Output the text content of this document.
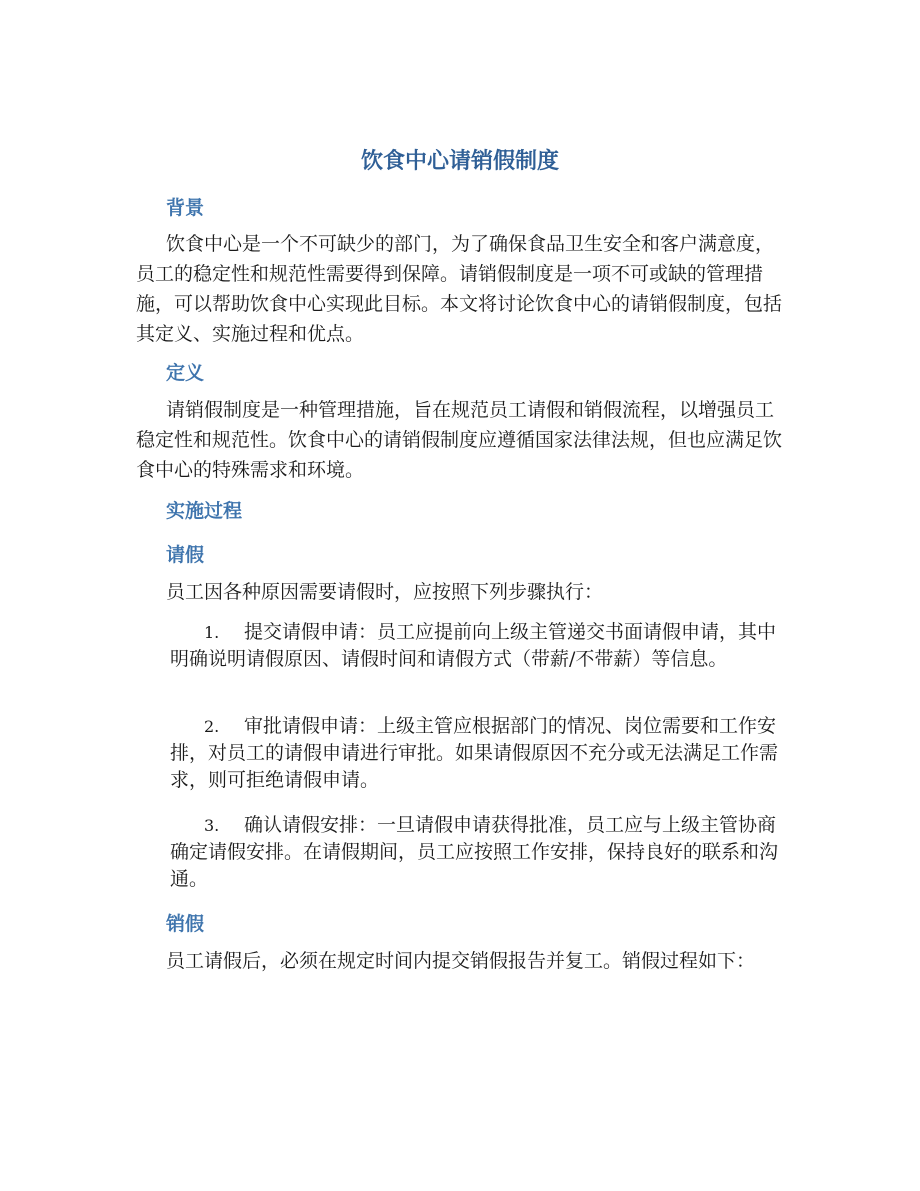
饮食中心请销假制度
背景

饮食中心是一个不可缺少的部门，为了确保食品卫生安全和客户满意度，员工的稳定性和规范性需要得到保障。请销假制度是一项不可或缺的管理措施，可以帮助饮食中心实现此目标。本文将讨论饮食中心的请销假制度，包括其定义、实施过程和优点。

定义

请销假制度是一种管理措施，旨在规范员工请假和销假流程，以增强员工稳定性和规范性。饮食中心的请销假制度应遵循国家法律法规，但也应满足饮食中心的特殊需求和环境。

实施过程
请假

员工因各种原因需要请假时，应按照下列步骤执行：

1. 提交请假申请：员工应提前向上级主管递交书面请假申请，其中明确说明请假原因、请假时间和请假方式（带薪/不带薪）等信息。

2. 审批请假申请：上级主管应根据部门的情况、岗位需要和工作安排，对员工的请假申请进行审批。如果请假原因不充分或无法满足工作需求，则可拒绝请假申请。

3. 确认请假安排：一旦请假申请获得批准，员工应与上级主管协商确定请假安排。在请假期间，员工应按照工作安排，保持良好的联系和沟通。

销假

员工请假后，必须在规定时间内提交销假报告并复工。销假过程如下：
